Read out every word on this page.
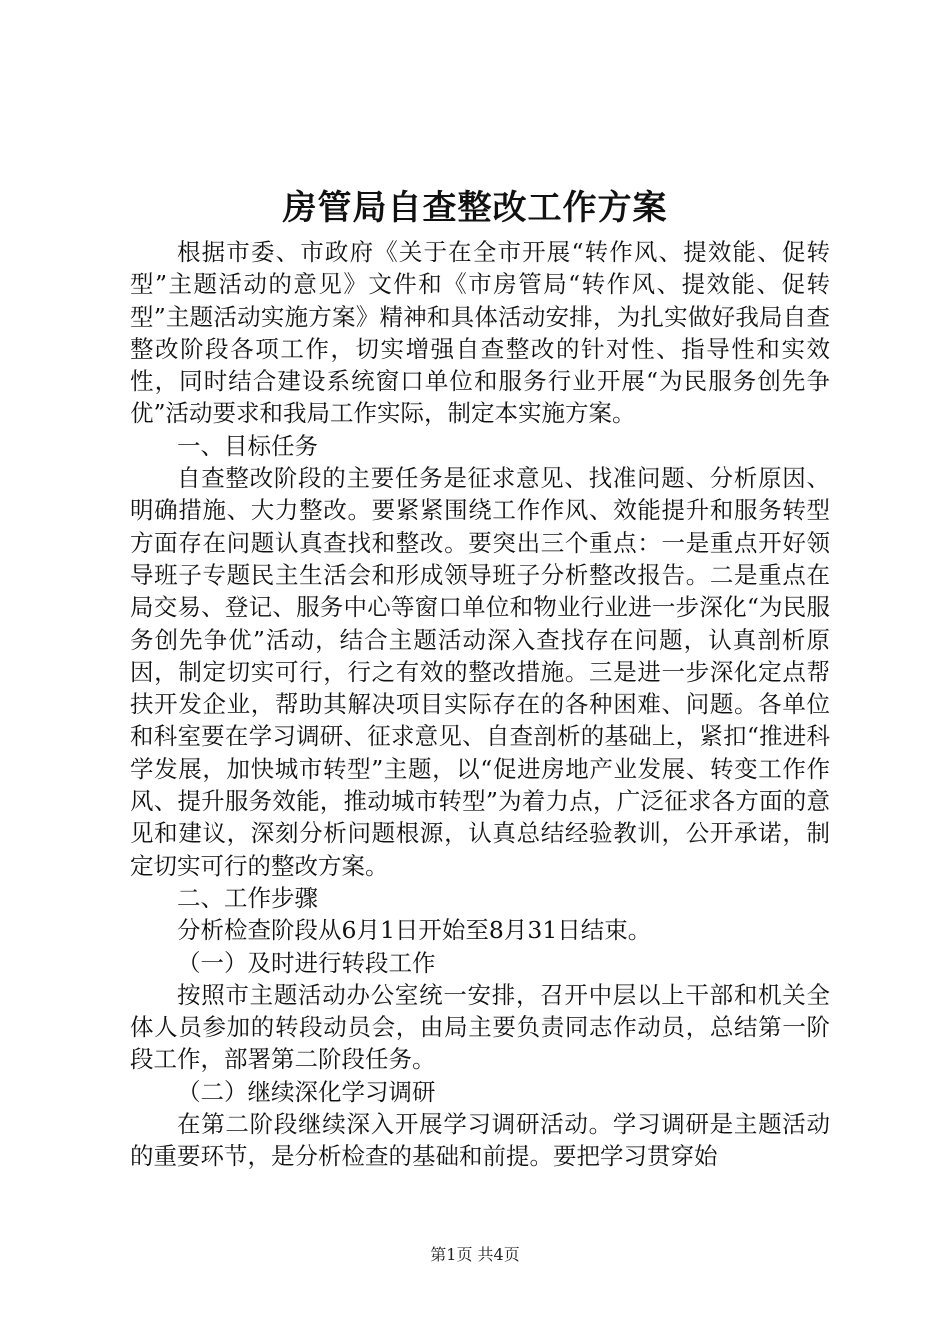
房管局自查整改工作方案

根据市委、市政府《关于在全市开展“转作风、提效能、促转型”主题活动的意见》文件和《市房管局“转作风、提效能、促转型”主题活动实施方案》精神和具体活动安排，为扎实做好我局自查整改阶段各项工作，切实增强自查整改的针对性、指导性和实效性，同时结合建设系统窗口单位和服务行业开展“为民服务创先争优”活动要求和我局工作实际，制定本实施方案。

一、目标任务

自查整改阶段的主要任务是征求意见、找准问题、分析原因、明确措施、大力整改。要紧紧围绕工作作风、效能提升和服务转型方面存在问题认真查找和整改。要突出三个重点：一是重点开好领导班子专题民主生活会和形成领导班子分析整改报告。二是重点在局交易、登记、服务中心等窗口单位和物业行业进一步深化“为民服务创先争优”活动，结合主题活动深入查找存在问题，认真剖析原因，制定切实可行，行之有效的整改措施。三是进一步深化定点帮扶开发企业，帮助其解决项目实际存在的各种困难、问题。各单位和科室要在学习调研、征求意见、自查剖析的基础上，紧扣“推进科学发展，加快城市转型”主题，以“促进房地产业发展、转变工作作风、提升服务效能，推动城市转型”为着力点，广泛征求各方面的意见和建议，深刻分析问题根源，认真总结经验教训，公开承诺，制定切实可行的整改方案。

二、工作步骤

分析检查阶段从6月1日开始至8月31日结束。

（一）及时进行转段工作

按照市主题活动办公室统一安排，召开中层以上干部和机关全体人员参加的转段动员会，由局主要负责同志作动员，总结第一阶段工作，部署第二阶段任务。

（二）继续深化学习调研

在第二阶段继续深入开展学习调研活动。学习调研是主题活动的重要环节，是分析检查的基础和前提。要把学习贯穿始

第1页 共4页
